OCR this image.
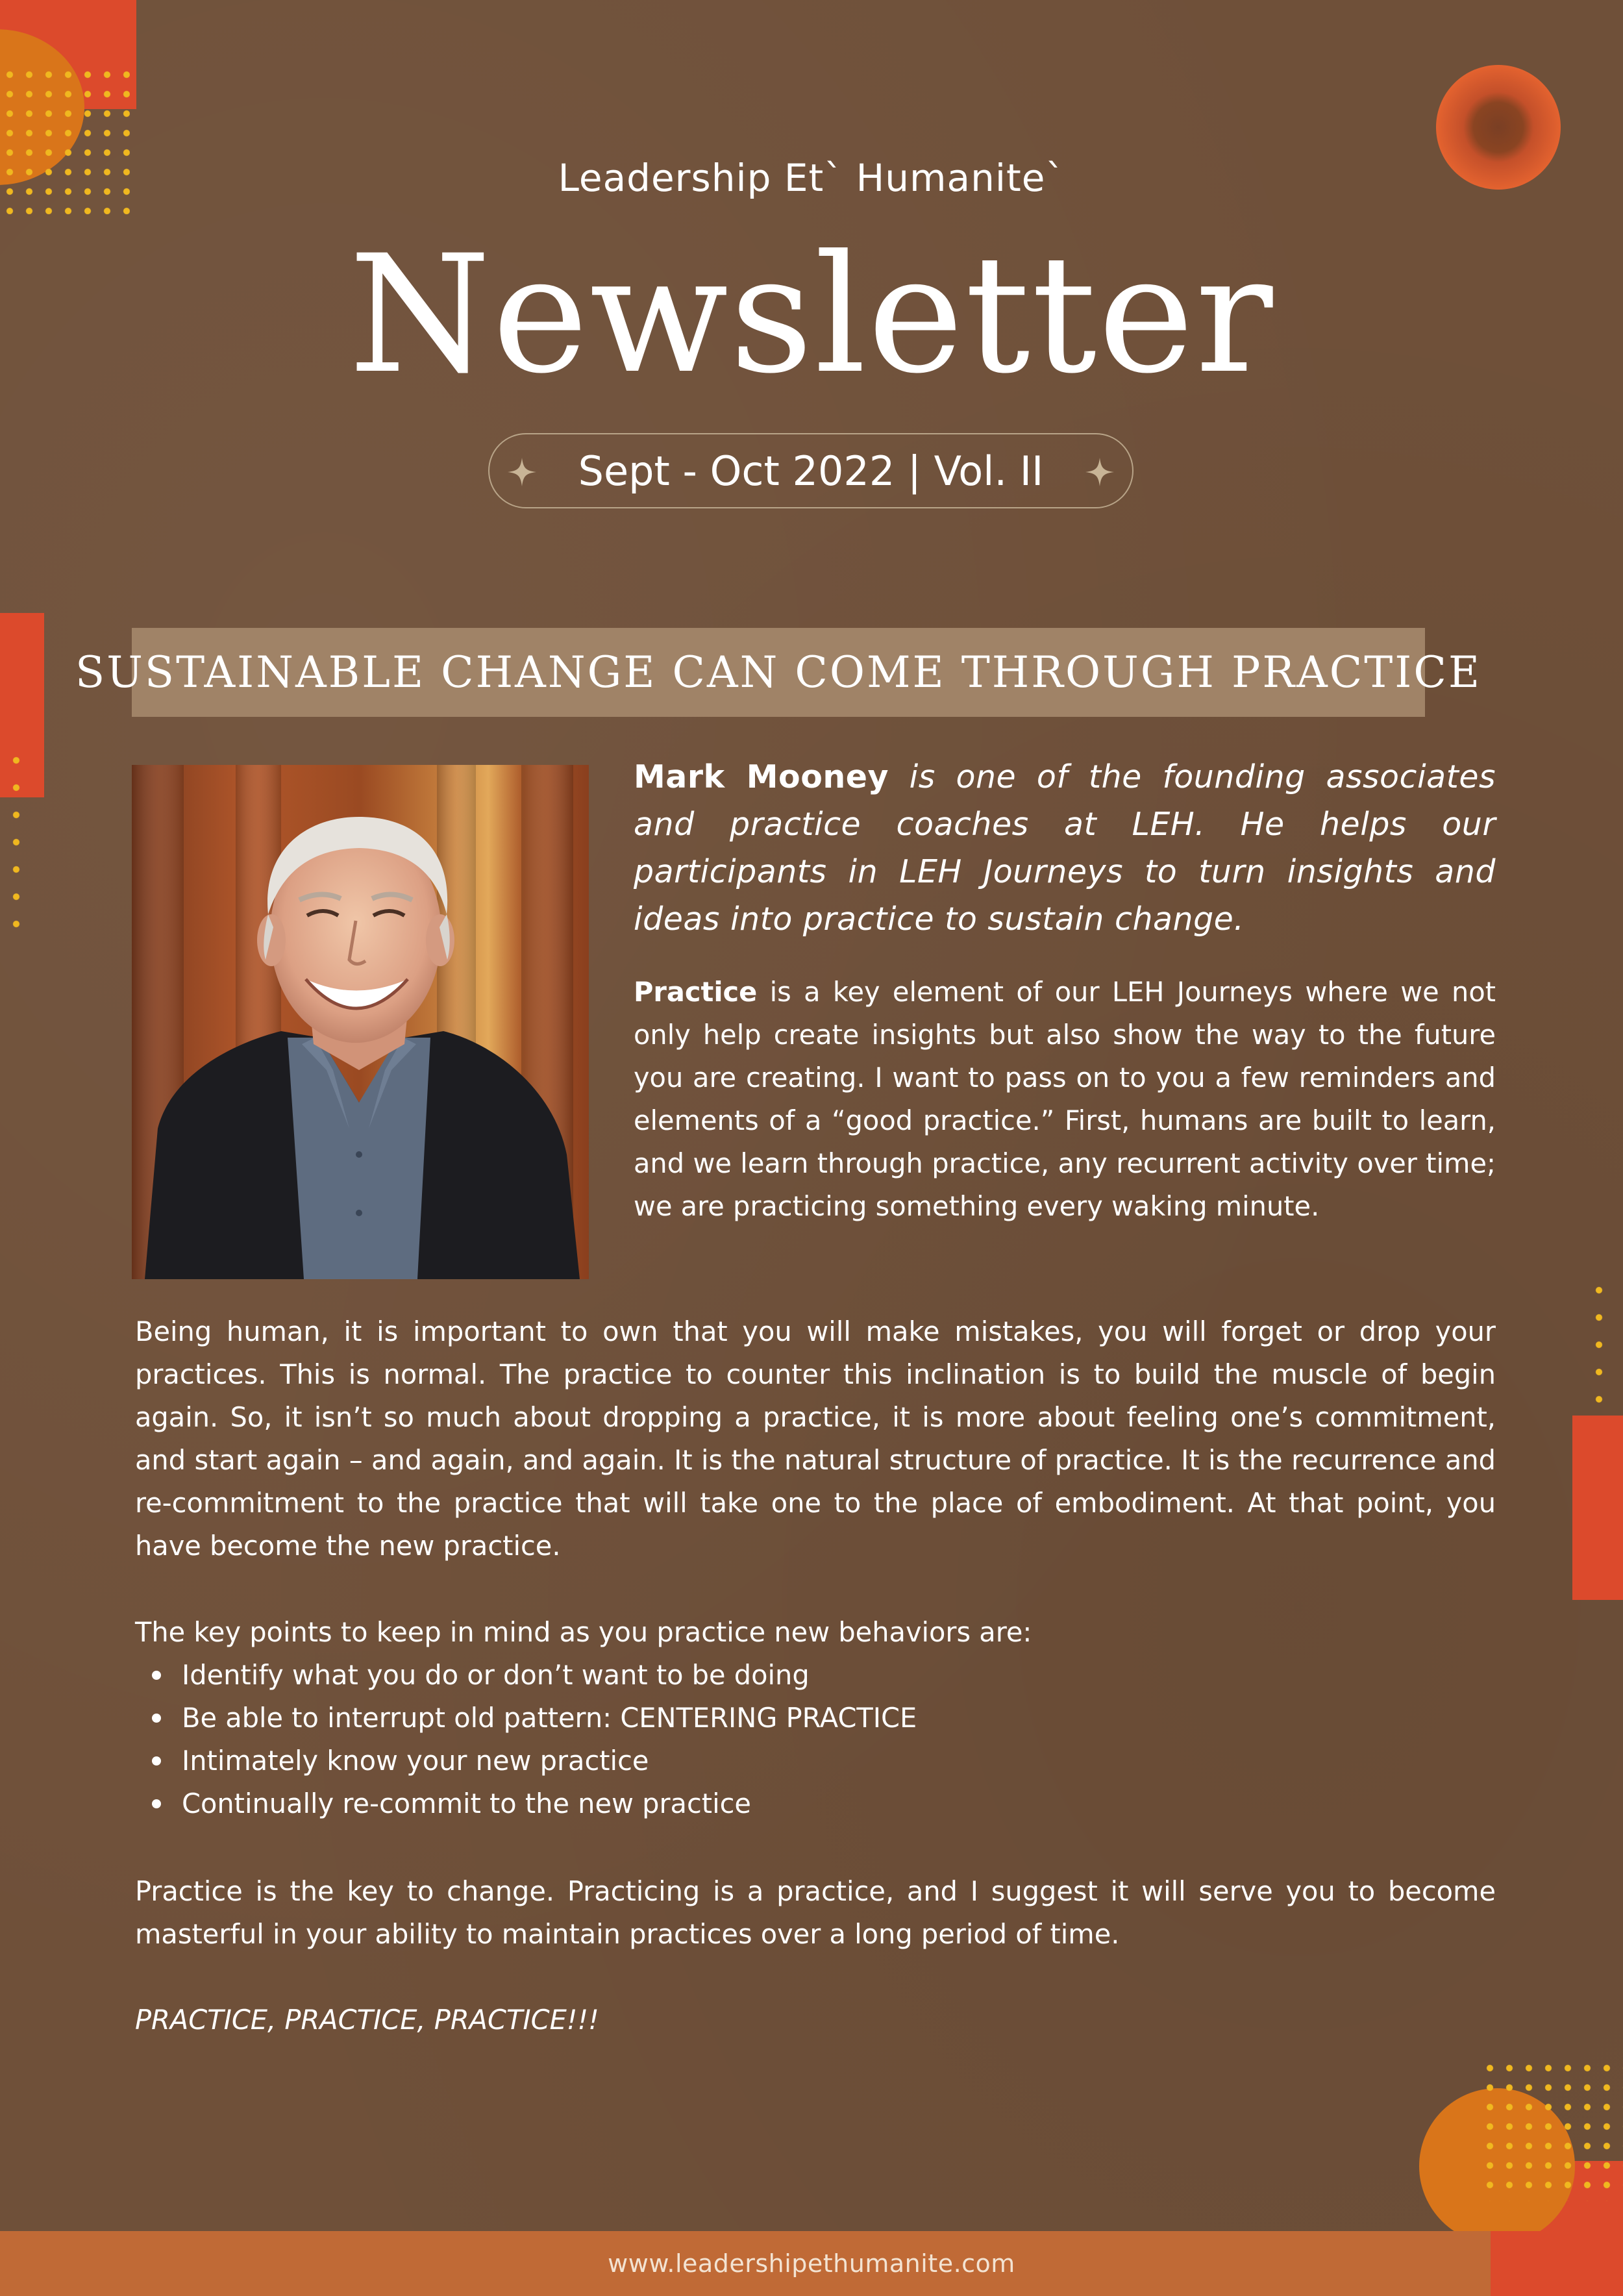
Leadership Et` Humanite`
Newsletter
Sept - Oct 2022 | Vol. II
SUSTAINABLE CHANGE CAN COME THROUGH PRACTICE

Mark Mooney is one of the founding associates and practice coaches at LEH. He helps our participants in LEH Journeys to turn insights and ideas into practice to sustain change.

Practice is a key element of our LEH Journeys where we not only help create insights but also show the way to the future you are creating. I want to pass on to you a few reminders and elements of a “good practice.” First, humans are built to learn, and we learn through practice, any recurrent activity over time; we are practicing something every waking minute.

Being human, it is important to own that you will make mistakes, you will forget or drop your practices. This is normal. The practice to counter this inclination is to build the muscle of begin again. So, it isn’t so much about dropping a practice, it is more about feeling one’s commitment, and start again – and again, and again. It is the natural structure of practice. It is the recurrence and re-commitment to the practice that will take one to the place of embodiment. At that point, you have become the new practice.

The key points to keep in mind as you practice new behaviors are:

Identify what you do or don’t want to be doing
Be able to interrupt old pattern: CENTERING PRACTICE
Intimately know your new practice
Continually re-commit to the new practice

Practice is the key to change. Practicing is a practice, and I suggest it will serve you to become masterful in your ability to maintain practices over a long period of time.

PRACTICE, PRACTICE, PRACTICE!!!

www.leadershipethumanite.com
